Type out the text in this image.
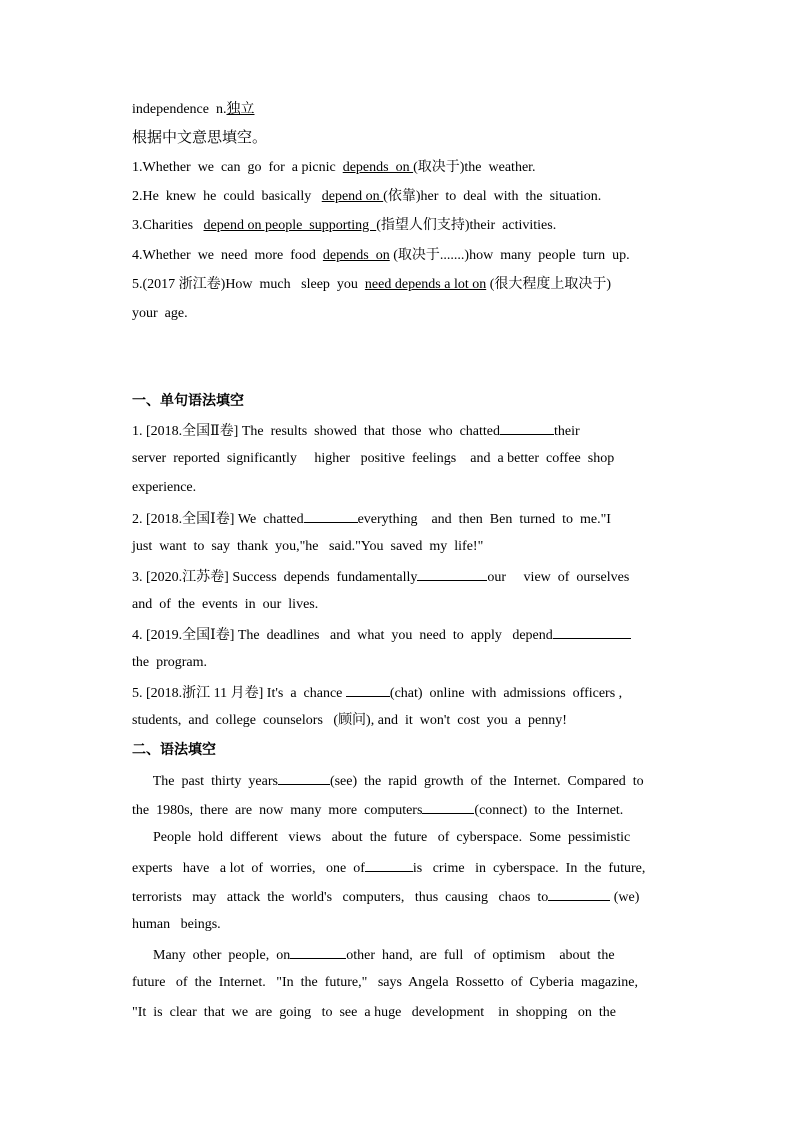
independence  n.独立
根据中文意思填空。
1.Whether  we  can  go  for  a picnic  depends  on (取决于)the  weather.
2.He  knew  he  could  basically   depend on (依靠)her  to  deal  with  the  situation.
3.Charities   depend on people  supporting  (指望人们支持)their  activities.
4.Whether  we  need  more  food  depends  on (取决于.......)how  many  people  turn  up.
5.(2017 浙江卷)How  much   sleep  you  need depends a lot on (很大程度上取决于)
your  age.
一、单句语法填空
1. [2018.全国Ⅱ卷] The  results  showed  that  those  who  chatted	their
server  reported  significantly     higher   positive  feelings    and  a better  coffee  shop
experience.
2. [2018.全国Ⅰ卷] We  chatted	everything    and  then  Ben  turned  to  me."I
just  want  to  say  thank  you,"he   said."You  saved  my  life!"
3. [2020.江苏卷] Success  depends  fundamentally	our     view  of  ourselves
and  of  the  events  in  our  lives.
4. [2019.全国Ⅰ卷] The  deadlines   and  what  you  need  to  apply   depend
the  program.
5. [2018.浙江 11 月卷] It's  a  chance	(chat)  online  with  admissions  officers ,
students,  and  college  counselors   (顾问), and  it  won't  cost  you  a  penny!
二、语法填空
The  past  thirty  years	(see)  the  rapid  growth  of  the  Internet.  Compared  to
the  1980s,  there  are  now  many  more  computers	(connect)  to  the  Internet.
People  hold  different   views   about  the  future   of  cyberspace.  Some  pessimistic
experts   have   a lot  of  worries,   one  of	is   crime   in  cyberspace.  In  the  future,
terrorists   may   attack  the  world's   computers,   thus  causing   chaos  to	(we)
human   beings.
Many  other  people,  on	other  hand,  are  full   of  optimism    about  the
future   of  the  Internet.   "In  the  future,"   says  Angela  Rossetto  of  Cyberia  magazine,
"It  is  clear  that  we  are  going   to  see  a huge   development    in  shopping   on  the
